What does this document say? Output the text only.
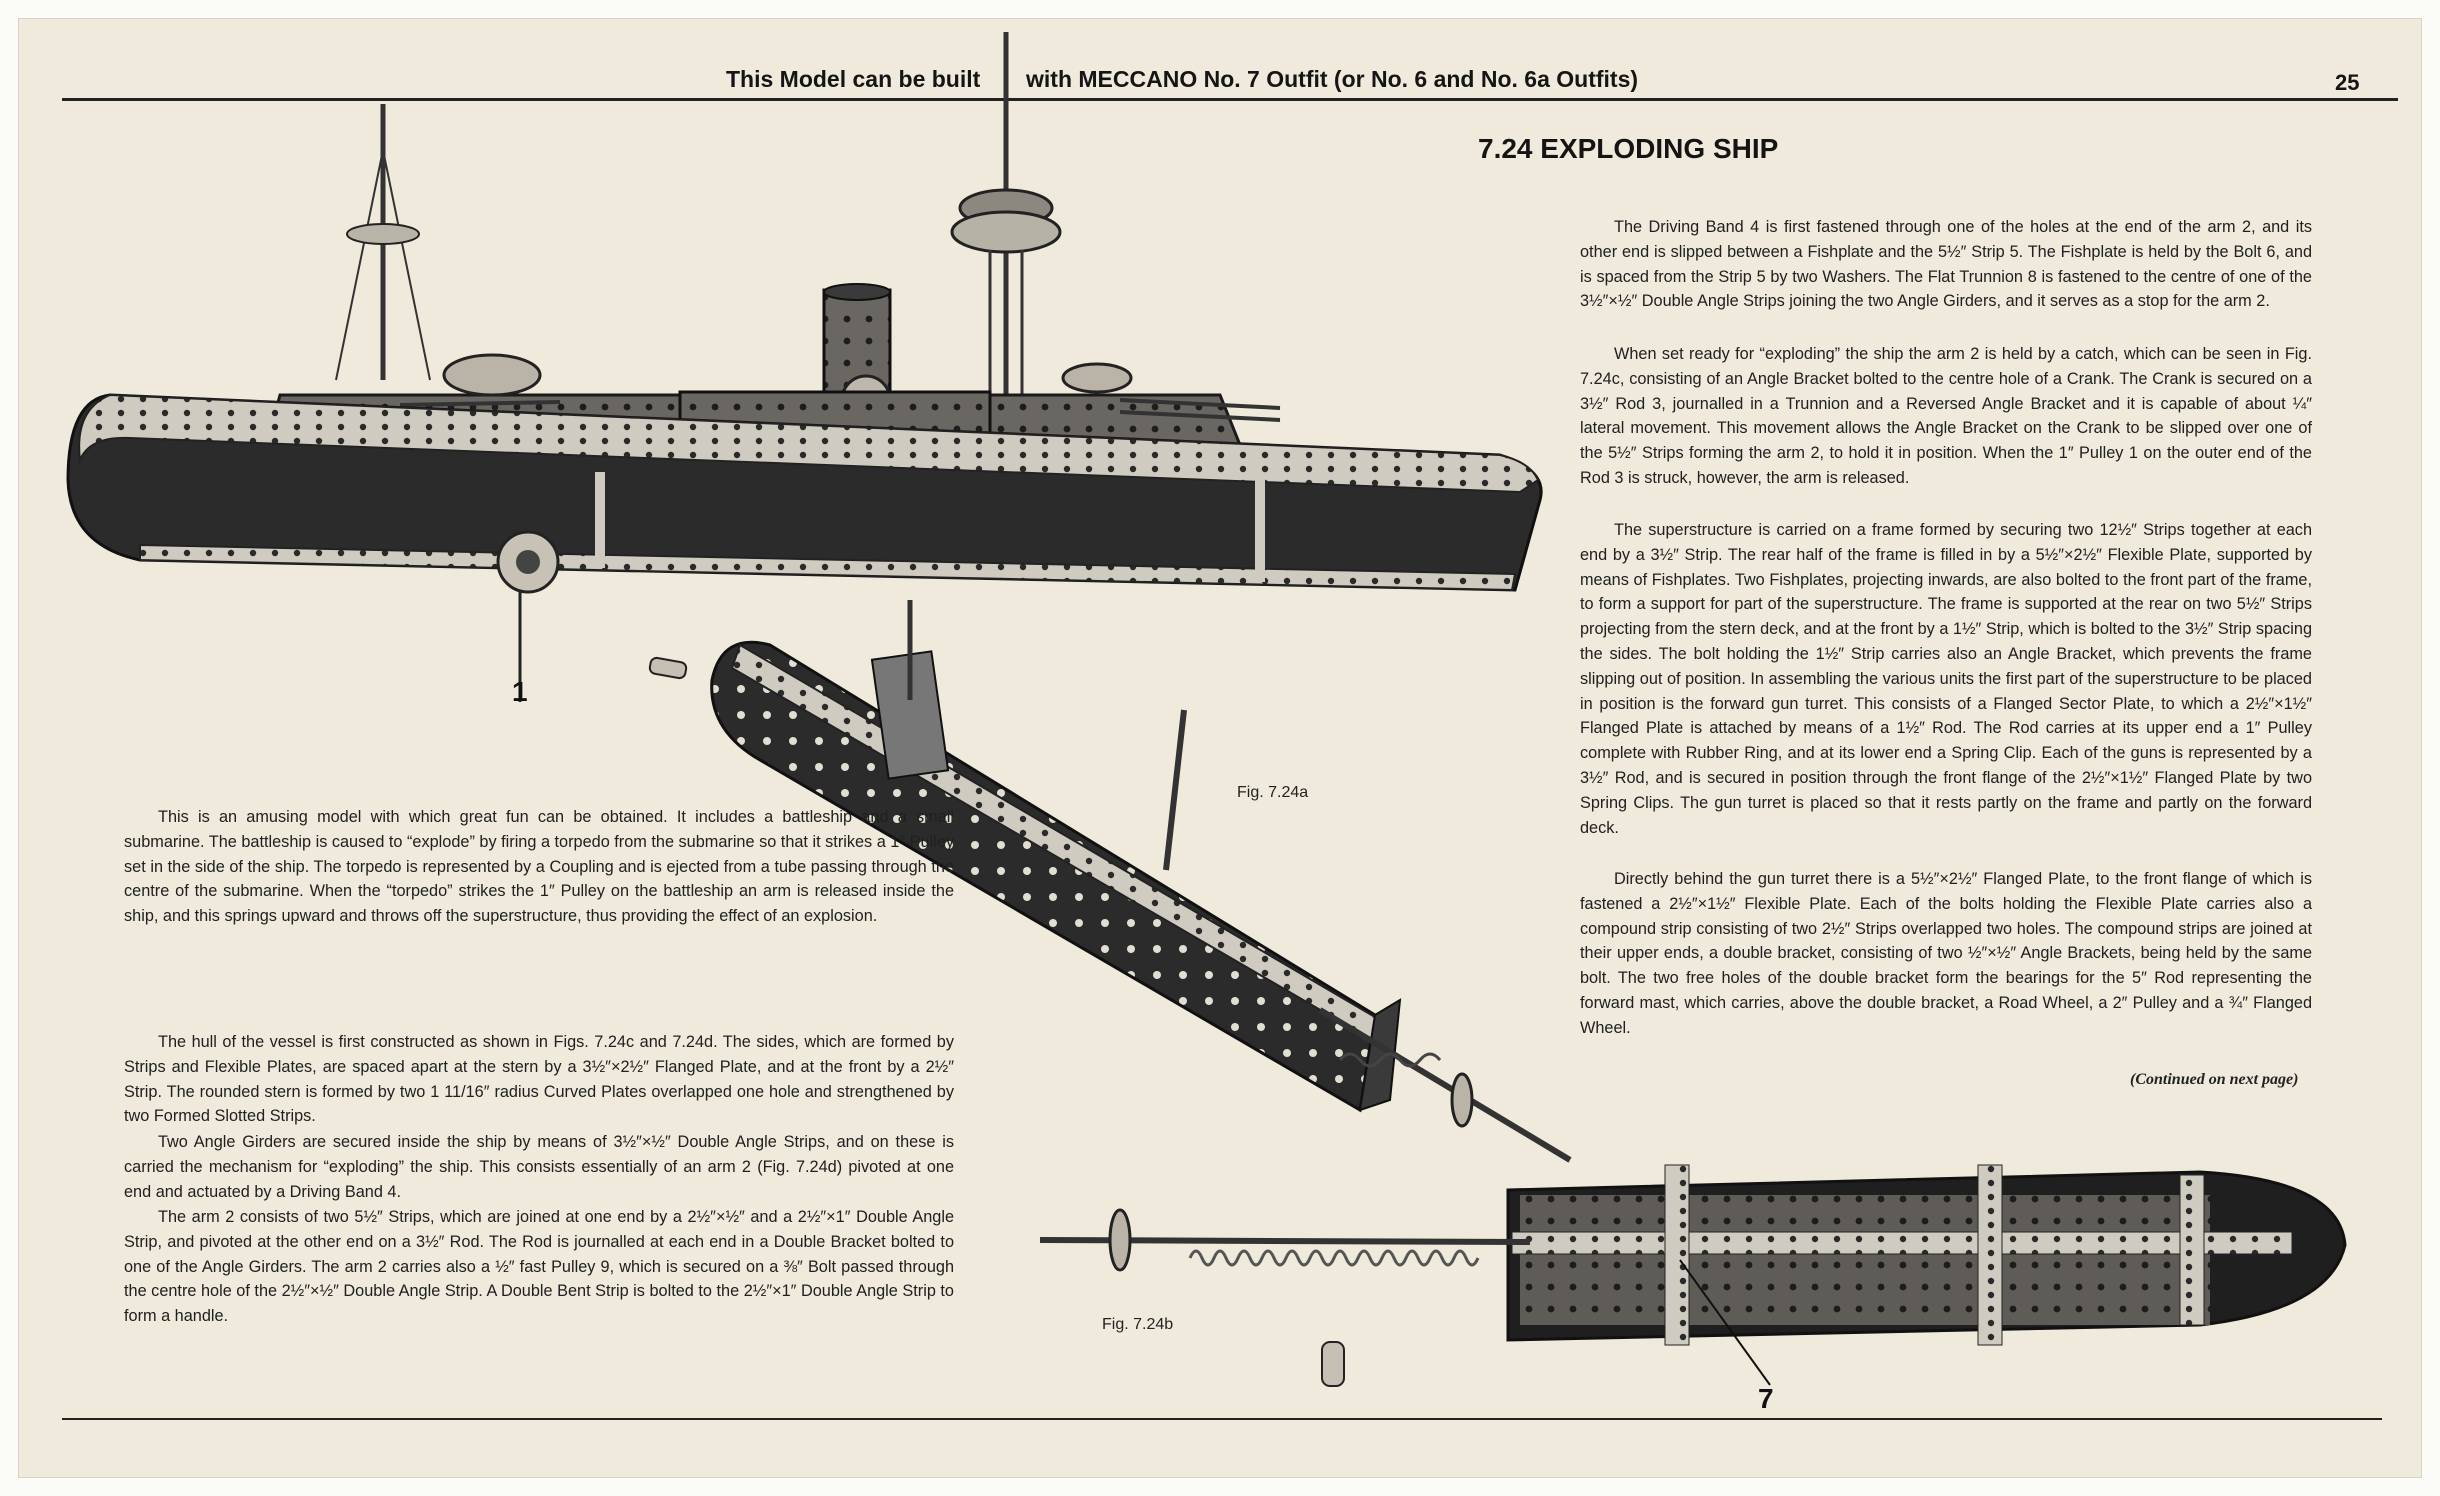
This Model can be built with MECCANO No. 7 Outfit (or No. 6 and No. 6a Outfits)	25
7.24 EXPLODING SHIP
Fig. 7.24a
Fig. 7.24b
1
7

This is an amusing model with which great fun can be obtained. It includes a battleship and a small submarine. The battleship is caused to “explode” by firing a torpedo from the submarine so that it strikes a 1″ Pulley set in the side of the ship. The torpedo is represented by a Coupling and is ejected from a tube passing through the centre of the submarine. When the “torpedo” strikes the 1″ Pulley on the battleship an arm is released inside the ship, and this springs upward and throws off the superstructure, thus providing the effect of an explosion.

The hull of the vessel is first constructed as shown in Figs. 7.24c and 7.24d. The sides, which are formed by Strips and Flexible Plates, are spaced apart at the stern by a 3½″×2½″ Flanged Plate, and at the front by a 2½″ Strip. The rounded stern is formed by two 1 11/16″ radius Curved Plates overlapped one hole and strengthened by two Formed Slotted Strips.

Two Angle Girders are secured inside the ship by means of 3½″×½″ Double Angle Strips, and on these is carried the mechanism for “exploding” the ship. This consists essentially of an arm 2 (Fig. 7.24d) pivoted at one end and actuated by a Driving Band 4.

The arm 2 consists of two 5½″ Strips, which are joined at one end by a 2½″×½″ and a 2½″×1″ Double Angle Strip, and pivoted at the other end on a 3½″ Rod. The Rod is journalled at each end in a Double Bracket bolted to one of the Angle Girders. The arm 2 carries also a ½″ fast Pulley 9, which is secured on a ⅜″ Bolt passed through the centre hole of the 2½″×½″ Double Angle Strip. A Double Bent Strip is bolted to the 2½″×1″ Double Angle Strip to form a handle.

The Driving Band 4 is first fastened through one of the holes at the end of the arm 2, and its other end is slipped between a Fishplate and the 5½″ Strip 5. The Fishplate is held by the Bolt 6, and is spaced from the Strip 5 by two Washers. The Flat Trunnion 8 is fastened to the centre of one of the 3½″×½″ Double Angle Strips joining the two Angle Girders, and it serves as a stop for the arm 2.

When set ready for “exploding” the ship the arm 2 is held by a catch, which can be seen in Fig. 7.24c, consisting of an Angle Bracket bolted to the centre hole of a Crank. The Crank is secured on a 3½″ Rod 3, journalled in a Trunnion and a Reversed Angle Bracket and it is capable of about ¼″ lateral movement. This movement allows the Angle Bracket on the Crank to be slipped over one of the 5½″ Strips forming the arm 2, to hold it in position. When the 1″ Pulley 1 on the outer end of the Rod 3 is struck, however, the arm is released.

The superstructure is carried on a frame formed by securing two 12½″ Strips together at each end by a 3½″ Strip. The rear half of the frame is filled in by a 5½″×2½″ Flexible Plate, supported by means of Fishplates. Two Fishplates, projecting inwards, are also bolted to the front part of the frame, to form a support for part of the superstructure. The frame is supported at the rear on two 5½″ Strips projecting from the stern deck, and at the front by a 1½″ Strip, which is bolted to the 3½″ Strip spacing the sides. The bolt holding the 1½″ Strip carries also an Angle Bracket, which prevents the frame slipping out of position. In assembling the various units the first part of the superstructure to be placed in position is the forward gun turret. This consists of a Flanged Sector Plate, to which a 2½″×1½″ Flanged Plate is attached by means of a 1½″ Rod. The Rod carries at its upper end a 1″ Pulley complete with Rubber Ring, and at its lower end a Spring Clip. Each of the guns is represented by a 3½″ Rod, and is secured in position through the front flange of the 2½″×1½″ Flanged Plate by two Spring Clips. The gun turret is placed so that it rests partly on the frame and partly on the forward deck.

Directly behind the gun turret there is a 5½″×2½″ Flanged Plate, to the front flange of which is fastened a 2½″×1½″ Flexible Plate. Each of the bolts holding the Flexible Plate carries also a compound strip consisting of two 2½″ Strips overlapped two holes. The compound strips are joined at their upper ends, a double bracket, consisting of two ½″×½″ Angle Brackets, being held by the same bolt. The two free holes of the double bracket form the bearings for the 5″ Rod representing the forward mast, which carries, above the double bracket, a Road Wheel, a 2″ Pulley and a ¾″ Flanged Wheel.

(Continued on next page)
